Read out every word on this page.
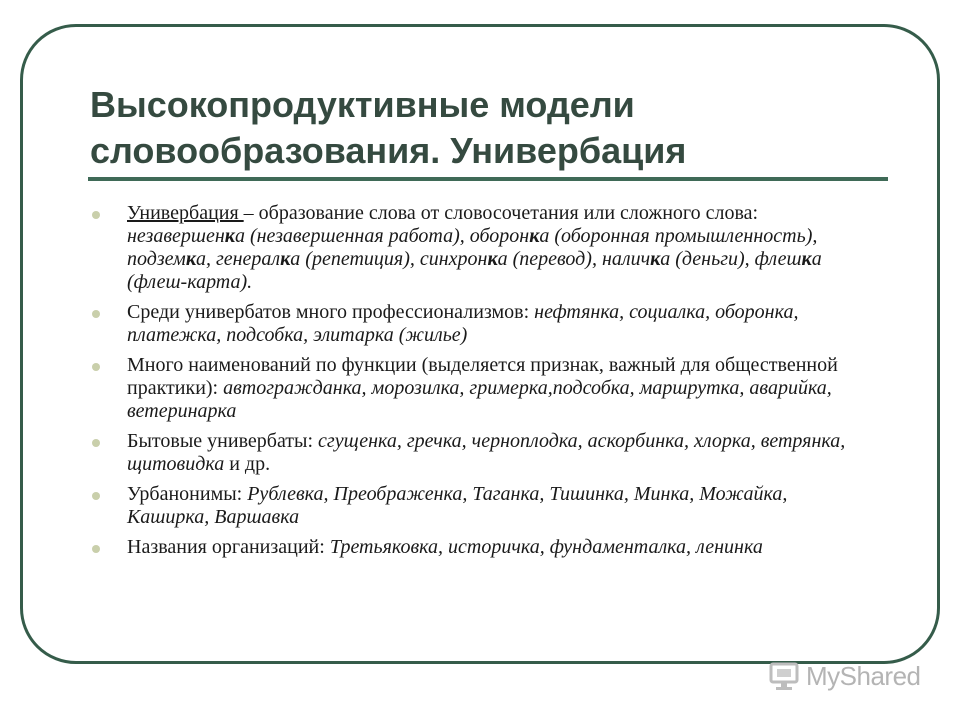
Высокопродуктивные модели словообразования. Универбация
Универбация – образование слова от словосочетания или сложного слова: незавершенка (незавершенная работа), оборонка (оборонная промышленность), подземка, генералка (репетиция), синхронка (перевод), наличка (деньги), флешка (флеш-карта).
Среди универбатов много профессионализмов: нефтянка, социалка, оборонка, платежка, подсобка, элитарка (жилье)
Много наименований по функции (выделяется признак, важный для общественной практики): автогражданка, морозилка, гримерка,подсобка, маршрутка, аварийка, ветеринарка
Бытовые универбаты: сгущенка, гречка, черноплодка, аскорбинка, хлорка, ветрянка, щитовидка и др.
Урбанонимы: Рублевка, Преображенка, Таганка, Тишинка, Минка, Можайка, Каширка, Варшавка
Названия организаций: Третьяковка, историчка, фундаменталка, ленинка
MyShared
